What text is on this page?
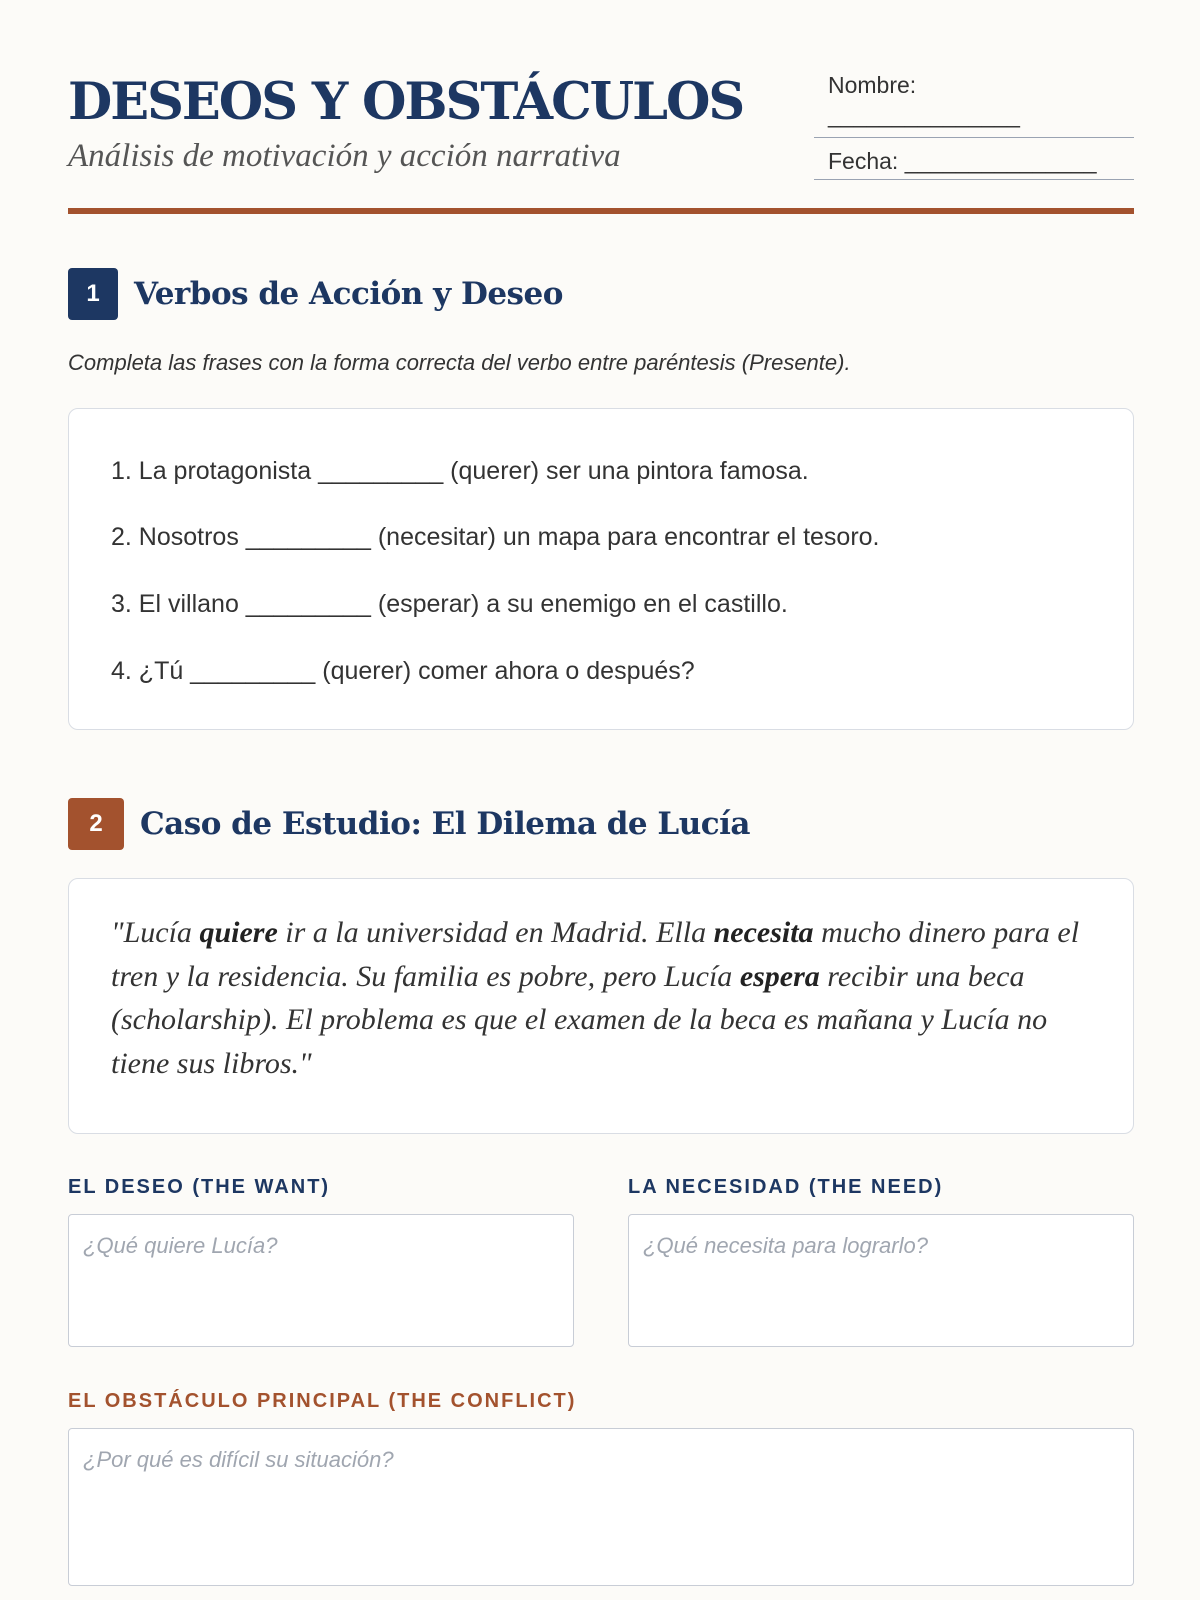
DESEOS Y OBSTÁCULOS
Análisis de motivación y acción narrativa
Nombre:
_______________
Fecha: _______________
1	Verbos de Acción y Deseo
Completa las frases con la forma correcta del verbo entre paréntesis (Presente).
1. La protagonista _________ (querer) ser una pintora famosa.
2. Nosotros _________ (necesitar) un mapa para encontrar el tesoro.
3. El villano _________ (esperar) a su enemigo en el castillo.
4. ¿Tú _________ (querer) comer ahora o después?
2	Caso de Estudio: El Dilema de Lucía
"Lucía quiere ir a la universidad en Madrid. Ella necesita mucho dinero para el tren y la residencia. Su familia es pobre, pero Lucía espera recibir una beca (scholarship). El problema es que el examen de la beca es mañana y Lucía no tiene sus libros."
EL DESEO (THE WANT)
¿Qué quiere Lucía?	LA NECESIDAD (THE NEED)
¿Qué necesita para lograrlo?
EL OBSTÁCULO PRINCIPAL (THE CONFLICT)
¿Por qué es difícil su situación?
